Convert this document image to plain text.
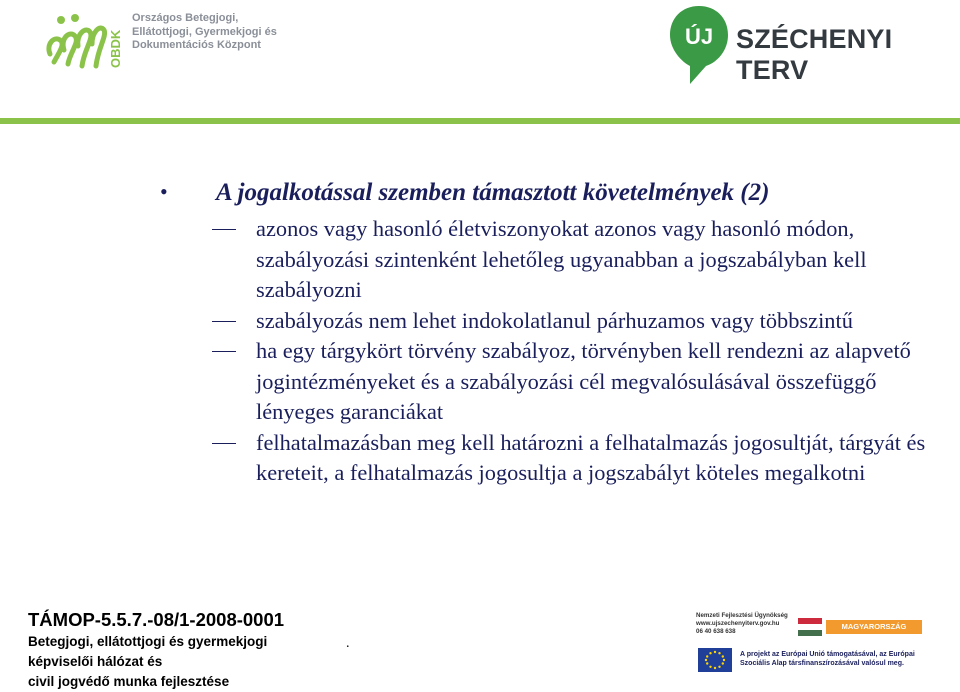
OBDK
Országos Betegjogi,
Ellátottjogi, Gyermekjogi és
Dokumentációs Központ	ÚJ SZÉCHENYI TERV
• A jogalkotással szemben támasztott követelmények (2)
azonos vagy hasonló életviszonyokat azonos vagy hasonló módon, szabályozási szintenként lehetőleg ugyanabban a jogszabályban kell szabályozni
szabályozás nem lehet indokolatlanul párhuzamos vagy többszintű
ha egy tárgykört törvény szabályoz, törvényben kell rendezni az alapvető jogintézményeket és a szabályozási cél megvalósulásával összefüggő lényeges garanciákat
felhatalmazásban meg kell határozni a felhatalmazás jogosultját, tárgyát és kereteit, a felhatalmazás jogosultja a jogszabályt köteles megalkotni
TÁMOP-5.5.7.-08/1-2008-0001
Betegjogi, ellátottjogi és gyermekjogi
képviselői hálózat és
civil jogvédő munka fejlesztése
.
Nemzeti Fejlesztési Ügynökség
www.ujszechenyiterv.gov.hu
06 40 638 638
MAGYARORSZÁG MEGÚJUL
A projekt az Európai Unió támogatásával, az Európai Szociális Alap társfinanszírozásával valósul meg.
